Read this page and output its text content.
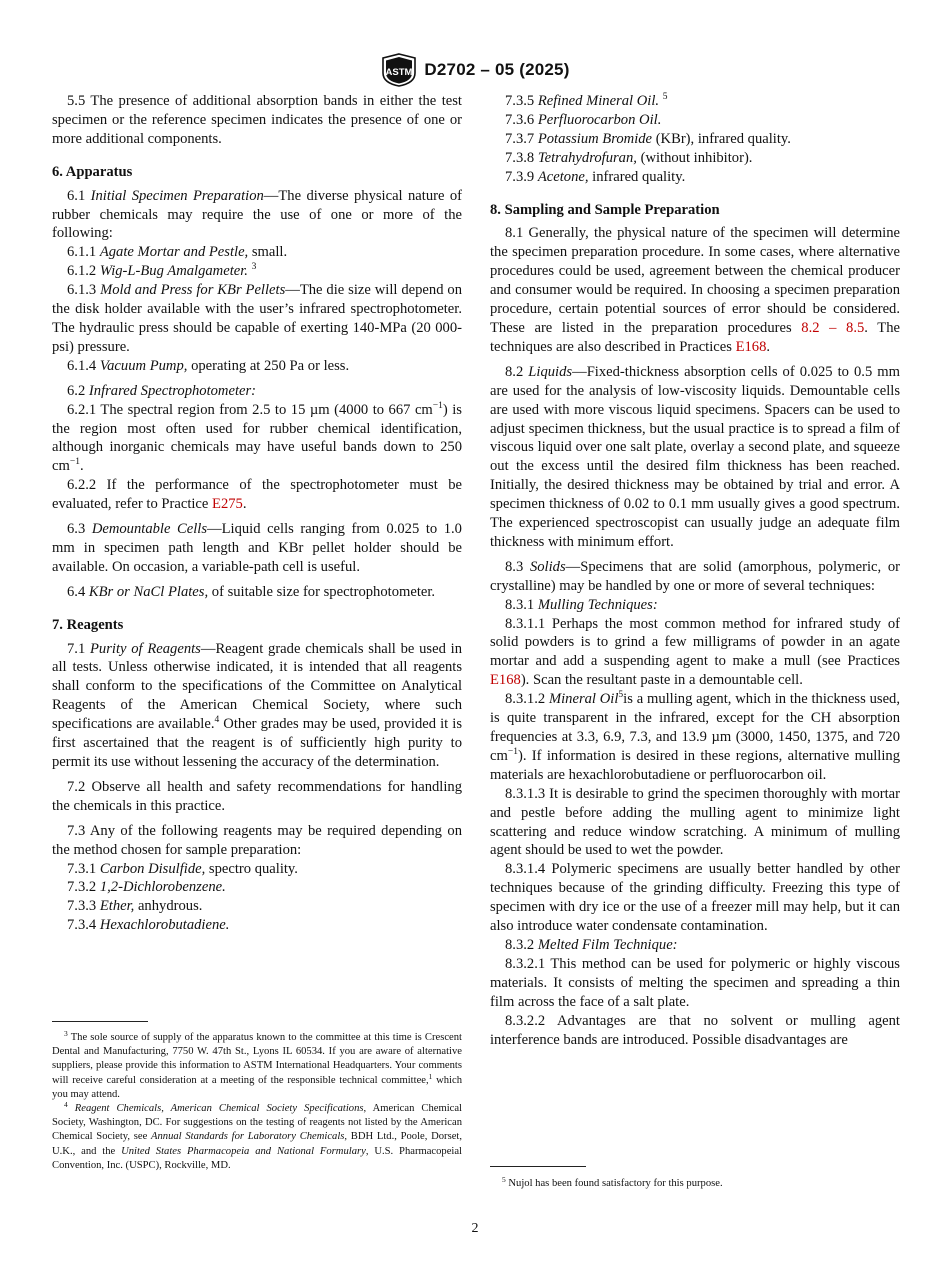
ASTM D2702 – 05 (2025)

5.5 The presence of additional absorption bands in either the test specimen or the reference specimen indicates the presence of one or more additional components.

6. Apparatus

6.1 Initial Specimen Preparation—The diverse physical nature of rubber chemicals may require the use of one or more of the following:

6.1.1 Agate Mortar and Pestle, small.

6.1.2 Wig-L-Bug Amalgameter. $^3$

6.1.3 Mold and Press for KBr Pellets—The die size will depend on the disk holder available with the user’s infrared spectrophotometer. The hydraulic press should be capable of exerting 140-MPa (20 000-psi) pressure.

6.1.4 Vacuum Pump, operating at 250 Pa or less.

6.2 Infrared Spectrophotometer:

6.2.1 The spectral region from 2.5 to 15 µm (4000 to 667 $cm^{-1}$) is the region most often used for rubber chemical identification, although inorganic chemicals may have useful bands down to 250 $cm^{-1}$.

6.2.2 If the performance of the spectrophotometer must be evaluated, refer to Practice E275.

6.3 Demountable Cells—Liquid cells ranging from 0.025 to 1.0 mm in specimen path length and KBr pellet holder should be available. On occasion, a variable-path cell is useful.

6.4 KBr or NaCl Plates, of suitable size for spectrophotometer.

7. Reagents

7.1 Purity of Reagents—Reagent grade chemicals shall be used in all tests. Unless otherwise indicated, it is intended that all reagents shall conform to the specifications of the Committee on Analytical Reagents of the American Chemical Society, where such specifications are available.$^4$ Other grades may be used, provided it is first ascertained that the reagent is of sufficiently high purity to permit its use without lessening the accuracy of the determination.

7.2 Observe all health and safety recommendations for handling the chemicals in this practice.

7.3 Any of the following reagents may be required depending on the method chosen for sample preparation:

7.3.1 Carbon Disulfide, spectro quality.

7.3.2 1,2-Dichlorobenzene.

7.3.3 Ether, anhydrous.

7.3.4 Hexachlorobutadiene.

$^3$ The sole source of supply of the apparatus known to the committee at this time is Crescent Dental and Manufacturing, 7750 W. 47th St., Lyons IL 60534. If you are aware of alternative suppliers, please provide this information to ASTM International Headquarters. Your comments will receive careful consideration at a meeting of the responsible technical committee,$^1$ which you may attend.

$^4$ Reagent Chemicals, American Chemical Society Specifications, American Chemical Society, Washington, DC. For suggestions on the testing of reagents not listed by the American Chemical Society, see Annual Standards for Laboratory Chemicals, BDH Ltd., Poole, Dorset, U.K., and the United States Pharmacopeia and National Formulary, U.S. Pharmacopeial Convention, Inc. (USPC), Rockville, MD.

7.3.5 Refined Mineral Oil. $^5$

7.3.6 Perfluorocarbon Oil.

7.3.7 Potassium Bromide (KBr), infrared quality.

7.3.8 Tetrahydrofuran, (without inhibitor).

7.3.9 Acetone, infrared quality.

8. Sampling and Sample Preparation

8.1 Generally, the physical nature of the specimen will determine the specimen preparation procedure. In some cases, where alternative procedures could be used, agreement between the chemical producer and consumer would be required. In choosing a specimen preparation procedure, certain potential sources of error should be considered. These are listed in the preparation procedures 8.2 – 8.5. The techniques are also described in Practices E168.

8.2 Liquids—Fixed-thickness absorption cells of 0.025 to 0.5 mm are used for the analysis of low-viscosity liquids. Demountable cells are used with more viscous liquid specimens. Spacers can be used to adjust specimen thickness, but the usual practice is to spread a film of viscous liquid over one salt plate, overlay a second plate, and squeeze out the excess until the desired film thickness has been reached. Initially, the desired thickness may be obtained by trial and error. A specimen thickness of 0.02 to 0.1 mm usually gives a good spectrum. The experienced spectroscopist can usually judge an adequate film thickness with minimum effort.

8.3 Solids—Specimens that are solid (amorphous, polymeric, or crystalline) may be handled by one or more of several techniques:

8.3.1 Mulling Techniques:

8.3.1.1 Perhaps the most common method for infrared study of solid powders is to grind a few milligrams of powder in an agate mortar and add a suspending agent to make a mull (see Practices E168). Scan the resultant paste in a demountable cell.

8.3.1.2 Mineral Oil$^5$is a mulling agent, which in the thickness used, is quite transparent in the infrared, except for the CH absorption frequencies at 3.3, 6.9, 7.3, and 13.9 µm (3000, 1450, 1375, and 720 $cm^{-1}$). If information is desired in these regions, alternative mulling materials are hexachlorobutadiene or perfluorocarbon oil.

8.3.1.3 It is desirable to grind the specimen thoroughly with mortar and pestle before adding the mulling agent to minimize light scattering and reduce window scratching. A minimum of mulling agent should be used to wet the powder.

8.3.1.4 Polymeric specimens are usually better handled by other techniques because of the grinding difficulty. Freezing this type of specimen with dry ice or the use of a freezer mill may help, but it can also introduce water condensate contamination.

8.3.2 Melted Film Technique:

8.3.2.1 This method can be used for polymeric or highly viscous materials. It consists of melting the specimen and spreading a thin film across the face of a salt plate.

8.3.2.2 Advantages are that no solvent or mulling agent interference bands are introduced. Possible disadvantages are

$^5$ Nujol has been found satisfactory for this purpose.

2
